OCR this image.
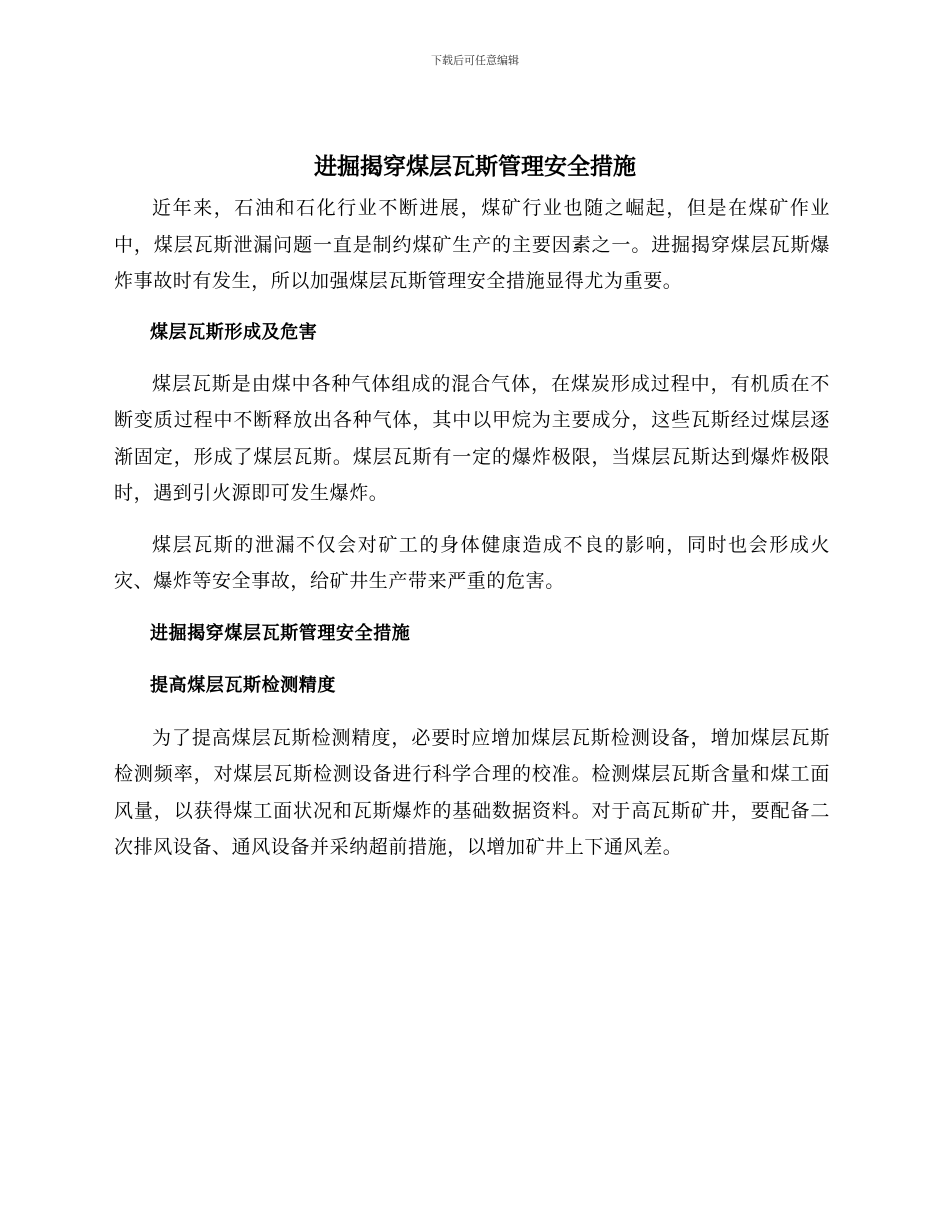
下载后可任意编辑
进掘揭穿煤层瓦斯管理安全措施

近年来，石油和石化行业不断进展，煤矿行业也随之崛起，但是在煤矿作业中，煤层瓦斯泄漏问题一直是制约煤矿生产的主要因素之一。进掘揭穿煤层瓦斯爆炸事故时有发生，所以加强煤层瓦斯管理安全措施显得尤为重要。

煤层瓦斯形成及危害

煤层瓦斯是由煤中各种气体组成的混合气体，在煤炭形成过程中，有机质在不断变质过程中不断释放出各种气体，其中以甲烷为主要成分，这些瓦斯经过煤层逐渐固定，形成了煤层瓦斯。煤层瓦斯有一定的爆炸极限，当煤层瓦斯达到爆炸极限时，遇到引火源即可发生爆炸。

煤层瓦斯的泄漏不仅会对矿工的身体健康造成不良的影响，同时也会形成火灾、爆炸等安全事故，给矿井生产带来严重的危害。

进掘揭穿煤层瓦斯管理安全措施

提高煤层瓦斯检测精度

为了提高煤层瓦斯检测精度，必要时应增加煤层瓦斯检测设备，增加煤层瓦斯检测频率，对煤层瓦斯检测设备进行科学合理的校准。检测煤层瓦斯含量和煤工面风量，以获得煤工面状况和瓦斯爆炸的基础数据资料。对于高瓦斯矿井，要配备二次排风设备、通风设备并采纳超前措施，以增加矿井上下通风差。
